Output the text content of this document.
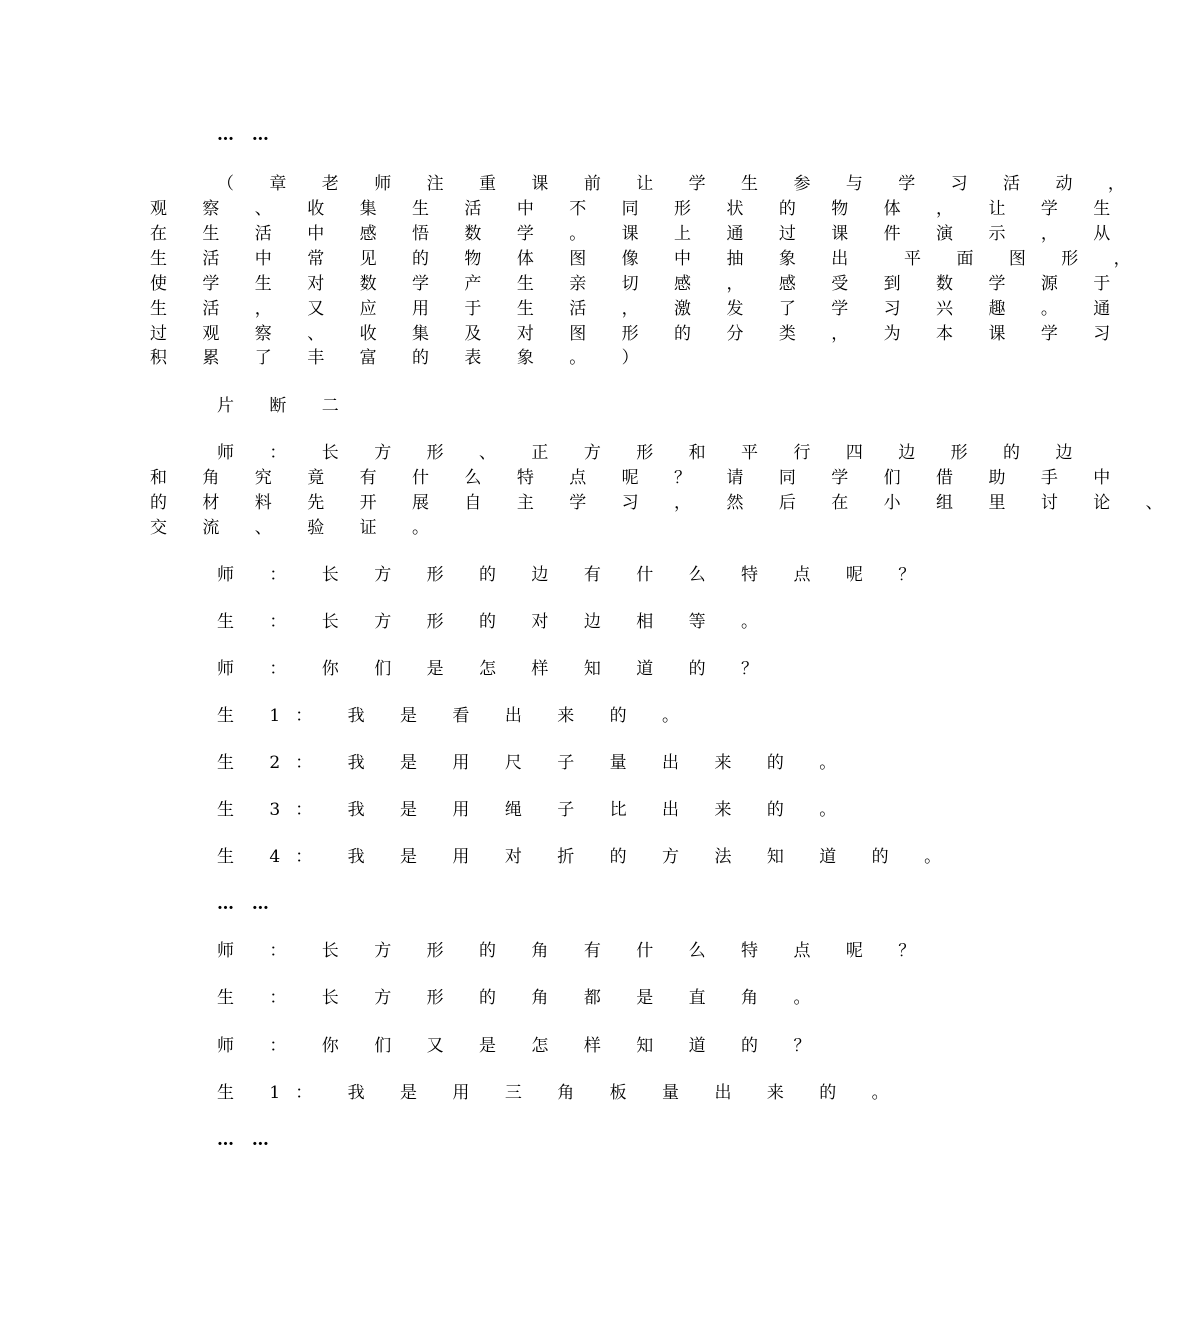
…  …
（ 章 老 师 注 重 课 前 让 学 生 参 与 学 习 活 动 ，
观 察 、 收 集 生 活 中 不 同 形 状 的 物 体 ， 让 学 生
在 生 活 中 感 悟 数 学 。 课 上 通 过 课 件 演 示 ， 从
生 活 中 常 见 的 物 体 图 像 中 抽 象 出  平 面 图 形 ，
使 学 生 对 数 学 产 生 亲 切 感 ， 感 受 到 数 学 源 于
生 活 ， 又 应 用 于 生 活 ， 激 发 了 学 习 兴 趣 。 通
过 观 察 、 收 集 及 对 图 形 的 分 类 ， 为 本 课 学 习
积 累 了 丰 富 的 表 象 。 ）
片 断 二
师 ： 长 方 形 、 正 方 形 和 平 行 四 边 形 的 边
和 角 究 竟 有 什 么 特 点 呢 ？ 请 同 学 们 借 助 手 中
的 材 料 先 开 展 自 主 学 习 ， 然 后 在 小 组 里 讨 论 、
交 流 、 验 证 。
师 ： 长 方 形 的 边 有 什 么 特 点 呢 ？
生 ： 长 方 形 的 对 边 相 等 。
师 ： 你 们 是 怎 样 知 道 的 ？
生 1： 我 是 看 出 来 的 。
生 2： 我 是 用 尺 子 量 出 来 的 。
生 3： 我 是 用 绳 子 比 出 来 的 。
生 4： 我 是 用 对 折 的 方 法 知 道 的 。
…  …
师 ： 长 方 形 的 角 有 什 么 特 点 呢 ？
生 ： 长 方 形 的 角 都 是 直 角 。
师 ： 你 们 又 是 怎 样 知 道 的 ？
生 1： 我 是 用 三 角 板 量 出 来 的 。
…  …
